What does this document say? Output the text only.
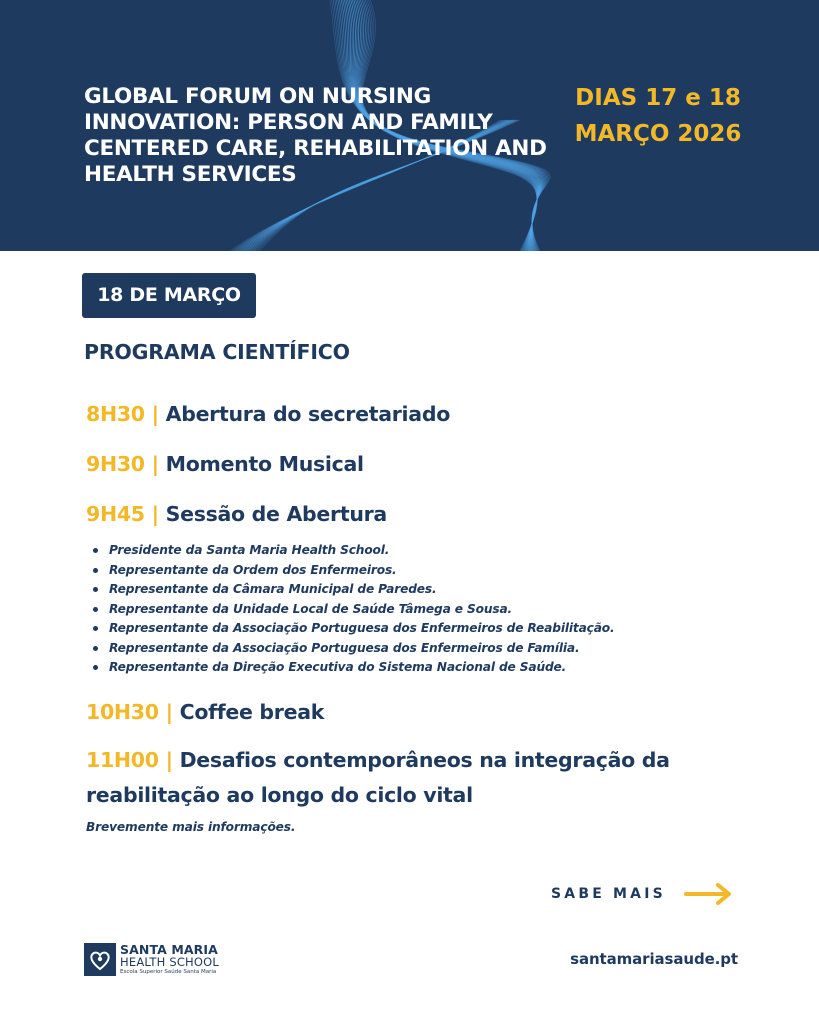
GLOBAL FORUM ON NURSING INNOVATION: PERSON AND FAMILY CENTERED CARE, REHABILITATION AND HEALTH SERVICES
DIAS 17 e 18
MARÇO 2026
18 DE MARÇO
PROGRAMA CIENTÍFICO

8H30 | Abertura do secretariado

9H30 | Momento Musical

9H45 | Sessão de Abertura

Presidente da Santa Maria Health School.
Representante da Ordem dos Enfermeiros.
Representante da Câmara Municipal de Paredes.
Representante da Unidade Local de Saúde Tâmega e Sousa.
Representante da Associação Portuguesa dos Enfermeiros de Reabilitação.
Representante da Associação Portuguesa dos Enfermeiros de Família.
Representante da Direção Executiva do Sistema Nacional de Saúde.

10H30 | Coffee break

11H00 | Desafios contemporâneos na integração da reabilitação ao longo do ciclo vital

Brevemente mais informações.

SABE MAIS
SANTA MARIA
HEALTH SCHOOL
Escola Superior Saúde Santa Maria
santamariasaude.pt
